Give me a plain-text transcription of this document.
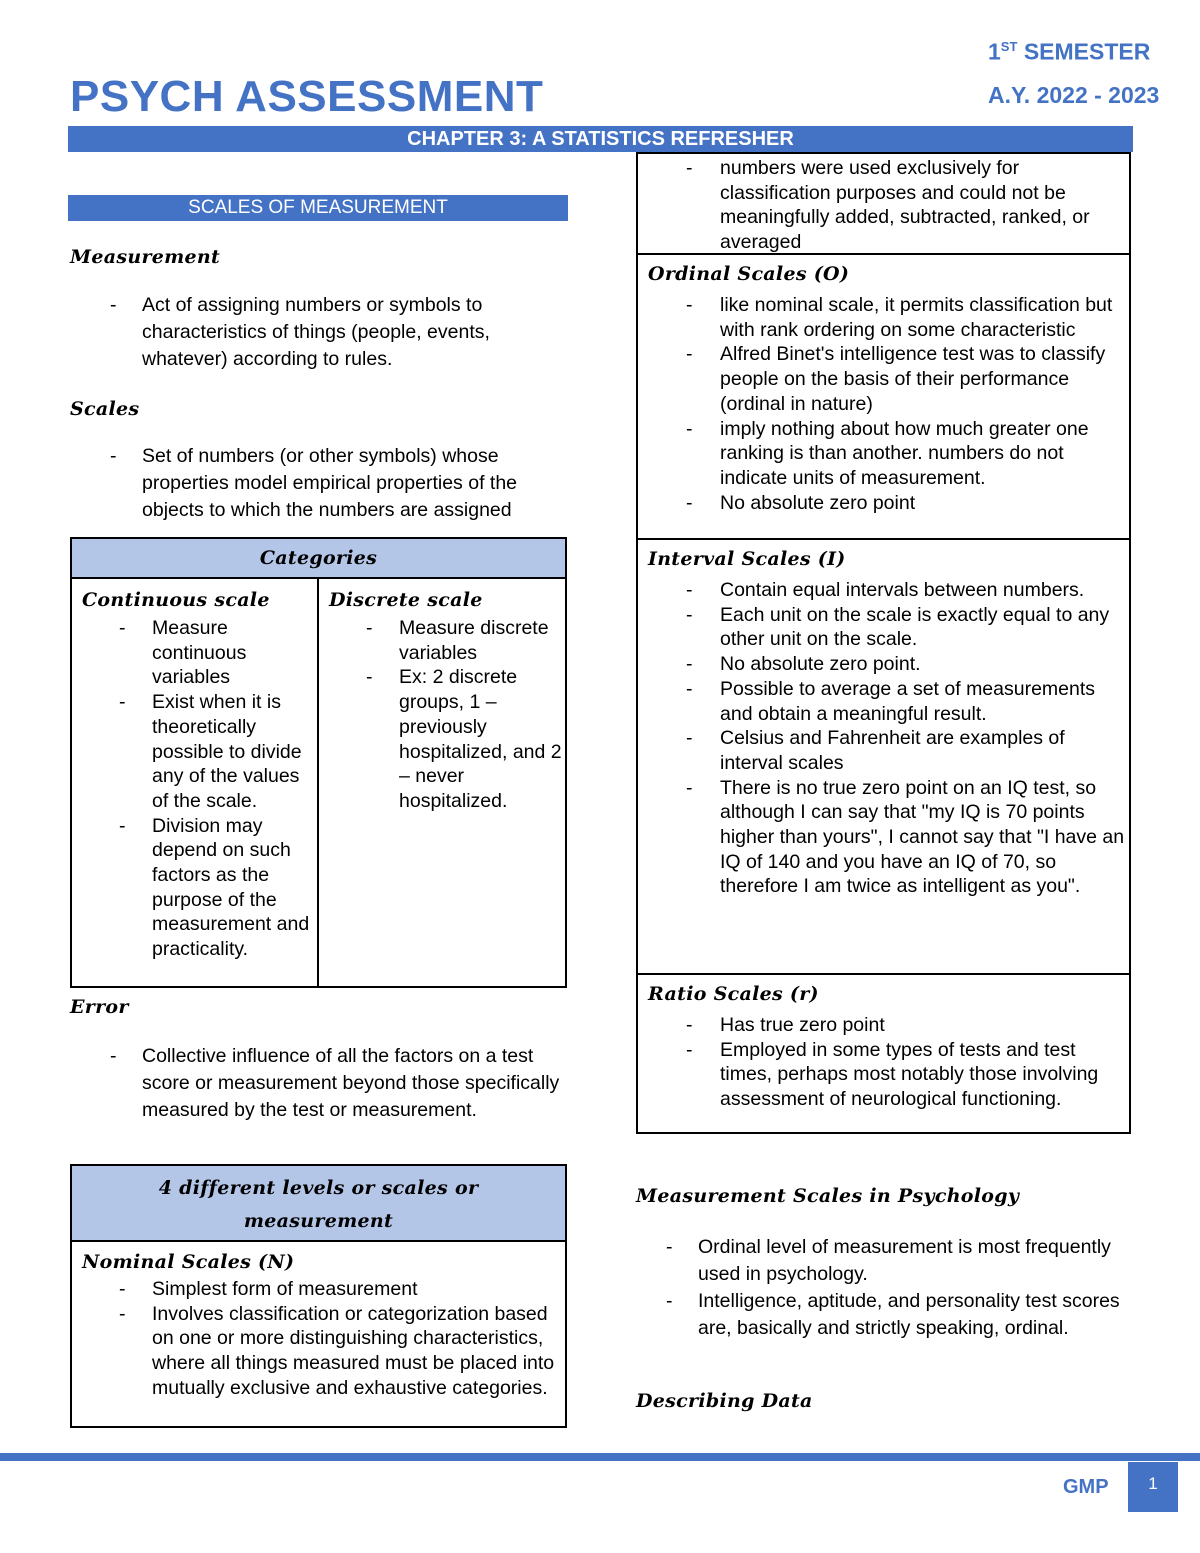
PSYCH ASSESSMENT
1ST SEMESTER
A.Y. 2022 - 2023
CHAPTER 3: A STATISTICS REFRESHER
SCALES OF MEASUREMENT
Measurement
- Act of assigning numbers or symbols to characteristics of things (people, events, whatever) according to rules.
Scales
- Set of numbers (or other symbols) whose properties model empirical properties of the objects to which the numbers are assigned
Categories
Continuous scale
- Measure continuous variables
- Exist when it is theoretically possible to divide any of the values of the scale.
- Division may depend on such factors as the purpose of the measurement and practicality.
Discrete scale
- Measure discrete variables
- Ex: 2 discrete groups, 1 – previously hospitalized, and 2 – never hospitalized.
Error
- Collective influence of all the factors on a test score or measurement beyond those specifically measured by the test or measurement.
4 different levels or scales or measurement
Nominal Scales (N)
- Simplest form of measurement
- Involves classification or categorization based on one or more distinguishing characteristics, where all things measured must be placed into mutually exclusive and exhaustive categories.
- numbers were used exclusively for classification purposes and could not be meaningfully added, subtracted, ranked, or averaged
Ordinal Scales (O)
- like nominal scale, it permits classification but with rank ordering on some characteristic
- Alfred Binet's intelligence test was to classify people on the basis of their performance (ordinal in nature)
- imply nothing about how much greater one ranking is than another. numbers do not indicate units of measurement.
- No absolute zero point
Interval Scales (I)
- Contain equal intervals between numbers.
- Each unit on the scale is exactly equal to any other unit on the scale.
- No absolute zero point.
- Possible to average a set of measurements and obtain a meaningful result.
- Celsius and Fahrenheit are examples of interval scales
- There is no true zero point on an IQ test, so although I can say that "my IQ is 70 points higher than yours", I cannot say that "I have an IQ of 140 and you have an IQ of 70, so therefore I am twice as intelligent as you".
Ratio Scales (r)
- Has true zero point
- Employed in some types of tests and test times, perhaps most notably those involving assessment of neurological functioning.
Measurement Scales in Psychology
- Ordinal level of measurement is most frequently used in psychology.
- Intelligence, aptitude, and personality test scores are, basically and strictly speaking, ordinal.
Describing Data
GMP	1
